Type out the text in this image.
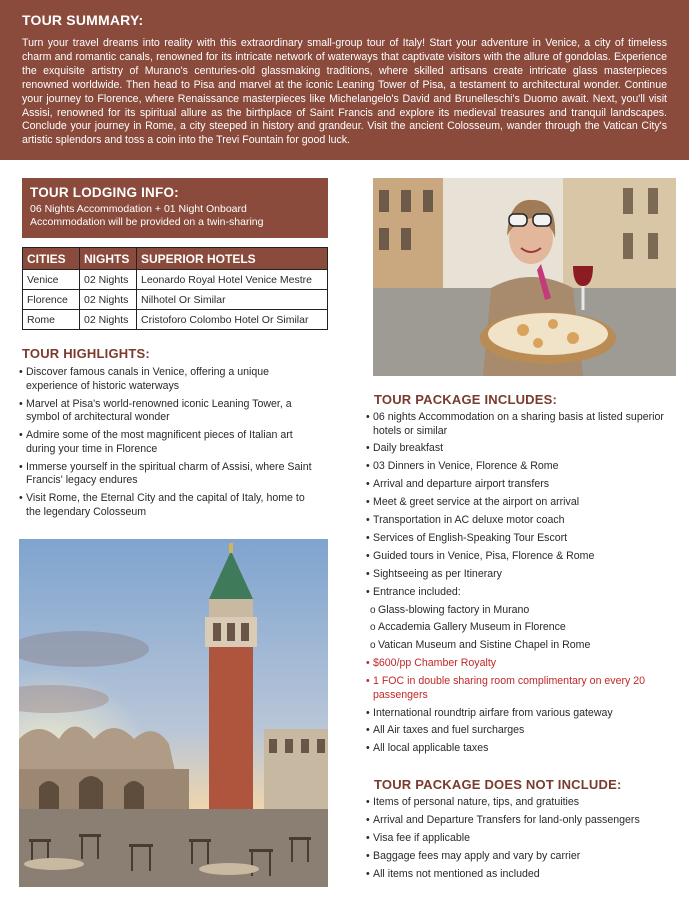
TOUR SUMMARY:

Turn your travel dreams into reality with this extraordinary small-group tour of Italy! Start your adventure in Venice, a city of timeless charm and romantic canals, renowned for its intricate network of waterways that captivate visitors with the allure of gondolas. Experience the exquisite artistry of Murano's centuries-old glassmaking traditions, where skilled artisans create intricate glass masterpieces renowned worldwide. Then head to Pisa and marvel at the iconic Leaning Tower of Pisa, a testament to architectural wonder. Continue your journey to Florence, where Renaissance masterpieces like Michelangelo's David and Brunelleschi's Duomo await. Next, you'll visit Assisi, renowned for its spiritual allure as the birthplace of Saint Francis and explore its medieval treasures and tranquil landscapes. Conclude your journey in Rome, a city steeped in history and grandeur. Visit the ancient Colosseum, wander through the Vatican City's artistic splendors and toss a coin into the Trevi Fountain for good luck.

TOUR LODGING INFO:
06 Nights Accommodation + 01 Night Onboard
Accommodation will be provided on a twin-sharing
CITIES	NIGHTS	SUPERIOR HOTELS
Venice	02 Nights	Leonardo Royal Hotel Venice Mestre
Florence	02 Nights	Nilhotel Or Similar
Rome	02 Nights	Cristoforo Colombo Hotel Or Similar
TOUR HIGHLIGHTS:
• Discover famous canals in Venice, offering a unique experience of historic waterways
• Marvel at Pisa's world-renowned iconic Leaning Tower, a symbol of architectural wonder
• Admire some of the most magnificent pieces of Italian art during your time in Florence
• Immerse yourself in the spiritual charm of Assisi, where Saint Francis' legacy endures
• Visit Rome, the Eternal City and the capital of Italy, home to the legendary Colosseum
TOUR PACKAGE INCLUDES:
• 06 nights Accommodation on a sharing basis at listed superior hotels or similar
• Daily breakfast
• 03 Dinners in Venice, Florence & Rome
• Arrival and departure airport transfers
• Meet & greet service at the airport on arrival
• Transportation in AC deluxe motor coach
• Services of English-Speaking Tour Escort
• Guided tours in Venice, Pisa, Florence & Rome
• Sightseeing as per Itinerary
• Entrance included:
o Glass-blowing factory in Murano
o Accademia Gallery Museum in Florence
o Vatican Museum and Sistine Chapel in Rome
• $600/pp Chamber Royalty
• 1 FOC in double sharing room complimentary on every 20 passengers
• International roundtrip airfare from various gateway
• All Air taxes and fuel surcharges
• All local applicable taxes
TOUR PACKAGE DOES NOT INCLUDE:
• Items of personal nature, tips, and gratuities
• Arrival and Departure Transfers for land-only passengers
• Visa fee if applicable
• Baggage fees may apply and vary by carrier
• All items not mentioned as included
